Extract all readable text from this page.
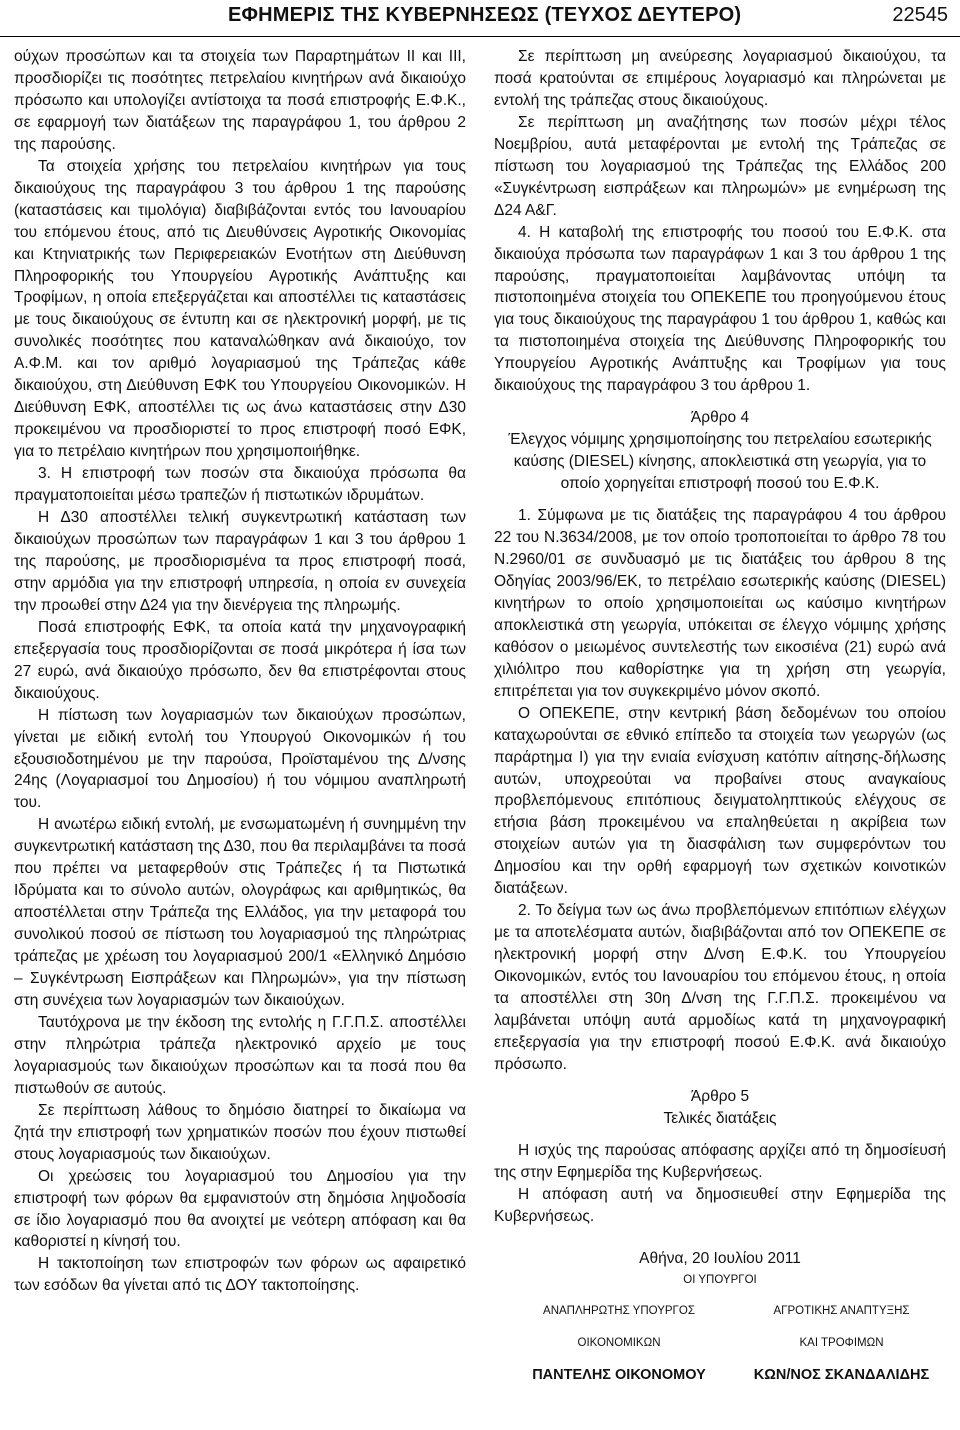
ΕΦΗΜΕΡΙΣ ΤΗΣ ΚΥΒΕΡΝΗΣΕΩΣ (ΤΕΥΧΟΣ ΔΕΥΤΕΡΟ)	22545

ούχων προσώπων και τα στοιχεία των Παραρτημάτων ΙΙ και ΙΙΙ, προσδιορίζει τις ποσότητες πετρελαίου κινητήρων ανά δικαιούχο πρόσωπο και υπολογίζει αντίστοιχα τα ποσά επιστροφής Ε.Φ.Κ., σε εφαρμογή των διατάξεων της παραγράφου 1, του άρθρου 2 της παρούσης.

Τα στοιχεία χρήσης του πετρελαίου κινητήρων για τους δικαιούχους της παραγράφου 3 του άρθρου 1 της παρούσης (καταστάσεις και τιμολόγια) διαβιβάζονται εντός του Ιανουαρίου του επόμενου έτους, από τις Διευθύνσεις Αγροτικής Οικονομίας και Κτηνιατρικής των Περιφερειακών Ενοτήτων στη Διεύθυνση Πληροφορικής του Υπουργείου Αγροτικής Ανάπτυξης και Τροφίμων, η οποία επεξεργάζεται και αποστέλλει τις καταστάσεις με τους δικαιούχους σε έντυπη και σε ηλεκτρονική μορφή, με τις συνολικές ποσότητες που καταναλώθηκαν ανά δικαιούχο, τον Α.Φ.Μ. και τον αριθμό λογαριασμού της Τράπεζας κάθε δικαιούχου, στη Διεύθυνση ΕΦΚ του Υπουργείου Οικονομικών. Η Διεύθυνση ΕΦΚ, αποστέλλει τις ως άνω καταστάσεις στην Δ30 προκειμένου να προσδιοριστεί το προς επιστροφή ποσό ΕΦΚ, για το πετρέλαιο κινητήρων που χρησιμοποιήθηκε.

3. Η επιστροφή των ποσών στα δικαιούχα πρόσωπα θα πραγματοποιείται μέσω τραπεζών ή πιστωτικών ιδρυμάτων.

Η Δ30 αποστέλλει τελική συγκεντρωτική κατάσταση των δικαιούχων προσώπων των παραγράφων 1 και 3 του άρθρου 1 της παρούσης, με προσδιορισμένα τα προς επιστροφή ποσά, στην αρμόδια για την επιστροφή υπηρεσία, η οποία εν συνεχεία την προωθεί στην Δ24 για την διενέργεια της πληρωμής.

Ποσά επιστροφής ΕΦΚ, τα οποία κατά την μηχανογραφική επεξεργασία τους προσδιορίζονται σε ποσά μικρότερα ή ίσα των 27 ευρώ, ανά δικαιούχο πρόσωπο, δεν θα επιστρέφονται στους δικαιούχους.

Η πίστωση των λογαριασμών των δικαιούχων προσώπων, γίνεται με ειδική εντολή του Υπουργού Οικονομικών ή του εξουσιοδοτημένου με την παρούσα, Προϊσταμένου της Δ/νσης 24ης (Λογαριασμοί του Δημοσίου) ή του νόμιμου αναπληρωτή του.

Η ανωτέρω ειδική εντολή, με ενσωματωμένη ή συνημμένη την συγκεντρωτική κατάσταση της Δ30, που θα περιλαμβάνει τα ποσά που πρέπει να μεταφερθούν στις Τράπεζες ή τα Πιστωτικά Ιδρύματα και το σύνολο αυτών, ολογράφως και αριθμητικώς, θα αποστέλλεται στην Τράπεζα της Ελλάδος, για την μεταφορά του συνολικού ποσού σε πίστωση του λογαριασμού της πληρώτριας τράπεζας με χρέωση του λογαριασμού 200/1 «Ελληνικό Δημόσιο – Συγκέντρωση Εισπράξεων και Πληρωμών», για την πίστωση στη συνέχεια των λογαριασμών των δικαιούχων.

Ταυτόχρονα με την έκδοση της εντολής η Γ.Γ.Π.Σ. αποστέλλει στην πληρώτρια τράπεζα ηλεκτρονικό αρχείο με τους λογαριασμούς των δικαιούχων προσώπων και τα ποσά που θα πιστωθούν σε αυτούς.

Σε περίπτωση λάθους το δημόσιο διατηρεί το δικαίωμα να ζητά την επιστροφή των χρηματικών ποσών που έχουν πιστωθεί στους λογαριασμούς των δικαιούχων.

Οι χρεώσεις του λογαριασμού του Δημοσίου για την επιστροφή των φόρων θα εμφανιστούν στη δημόσια ληψοδοσία σε ίδιο λογαριασμό που θα ανοιχτεί με νεότερη απόφαση και θα καθοριστεί η κίνησή του.

Η τακτοποίηση των επιστροφών των φόρων ως αφαιρετικό των εσόδων θα γίνεται από τις ΔΟΥ τακτοποίησης.

Σε περίπτωση μη ανεύρεσης λογαριασμού δικαιούχου, τα ποσά κρατούνται σε επιμέρους λογαριασμό και πληρώνεται με εντολή της τράπεζας στους δικαιούχους.

Σε περίπτωση μη αναζήτησης των ποσών μέχρι τέλος Νοεμβρίου, αυτά μεταφέρονται με εντολή της Τράπεζας σε πίστωση του λογαριασμού της Τράπεζας της Ελλάδος 200 «Συγκέντρωση εισπράξεων και πληρωμών» με ενημέρωση της Δ24 Α&Γ.

4. Η καταβολή της επιστροφής του ποσού του Ε.Φ.Κ. στα δικαιούχα πρόσωπα των παραγράφων 1 και 3 του άρθρου 1 της παρούσης, πραγματοποιείται λαμβάνοντας υπόψη τα πιστοποιημένα στοιχεία του ΟΠΕΚΕΠΕ του προηγούμενου έτους για τους δικαιούχους της παραγράφου 1 του άρθρου 1, καθώς και τα πιστοποιημένα στοιχεία της Διεύθυνσης Πληροφορικής του Υπουργείου Αγροτικής Ανάπτυξης και Τροφίμων για τους δικαιούχους της παραγράφου 3 του άρθρου 1.

Άρθρο 4

Έλεγχος νόμιμης χρησιμοποίησης του πετρελαίου εσωτερικής καύσης (DIESEL) κίνησης, αποκλειστικά στη γεωργία, για το οποίο χορηγείται επιστροφή ποσού του Ε.Φ.Κ.

1. Σύμφωνα με τις διατάξεις της παραγράφου 4 του άρθρου 22 του Ν.3634/2008, με τον οποίο τροποποιείται το άρθρο 78 του Ν.2960/01 σε συνδυασμό με τις διατάξεις του άρθρου 8 της Οδηγίας 2003/96/ΕΚ, το πετρέλαιο εσωτερικής καύσης (DIESEL) κινητήρων το οποίο χρησιμοποιείται ως καύσιμο κινητήρων αποκλειστικά στη γεωργία, υπόκειται σε έλεγχο νόμιμης χρήσης καθόσον ο μειωμένος συντελεστής των εικοσιένα (21) ευρώ ανά χιλιόλιτρο που καθορίστηκε για τη χρήση στη γεωργία, επιτρέπεται για τον συγκεκριμένο μόνον σκοπό.

Ο ΟΠΕΚΕΠΕ, στην κεντρική βάση δεδομένων του οποίου καταχωρούνται σε εθνικό επίπεδο τα στοιχεία των γεωργών (ως παράρτημα Ι) για την ενιαία ενίσχυση κατόπιν αίτησης-δήλωσης αυτών, υποχρεούται να προβαίνει στους αναγκαίους προβλεπόμενους επιτόπιους δειγματοληπτικούς ελέγχους σε ετήσια βάση προκειμένου να επαληθεύεται η ακρίβεια των στοιχείων αυτών για τη διασφάλιση των συμφερόντων του Δημοσίου και την ορθή εφαρμογή των σχετικών κοινοτικών διατάξεων.

2. Το δείγμα των ως άνω προβλεπόμενων επιτόπιων ελέγχων με τα αποτελέσματα αυτών, διαβιβάζονται από τον ΟΠΕΚΕΠΕ σε ηλεκτρονική μορφή στην Δ/νση Ε.Φ.Κ. του Υπουργείου Οικονομικών, εντός του Ιανουαρίου του επόμενου έτους, η οποία τα αποστέλλει στη 30η Δ/νση της Γ.Γ.Π.Σ. προκειμένου να λαμβάνεται υπόψη αυτά αρμοδίως κατά τη μηχανογραφική επεξεργασία για την επιστροφή ποσού Ε.Φ.Κ. ανά δικαιούχο πρόσωπο.

Άρθρο 5

Τελικές διατάξεις

Η ισχύς της παρούσας απόφασης αρχίζει από τη δημοσίευσή της στην Εφημερίδα της Κυβερνήσεως.

Η απόφαση αυτή να δημοσιευθεί στην Εφημερίδα της Κυβερνήσεως.

Αθήνα, 20 Ιουλίου 2011

ΟΙ ΥΠΟΥΡΓΟΙ

ΑΝΑΠΛΗΡΩΤΗΣ ΥΠΟΥΡΓΟΣ	ΑΓΡΟΤΙΚΗΣ ΑΝΑΠΤΥΞΗΣ
ΟΙΚΟΝΟΜΙΚΩΝ	ΚΑΙ ΤΡΟΦΙΜΩΝ
ΠΑΝΤΕΛΗΣ ΟΙΚΟΝΟΜΟΥ	ΚΩΝ/ΝΟΣ ΣΚΑΝΔΑΛΙΔΗΣ
